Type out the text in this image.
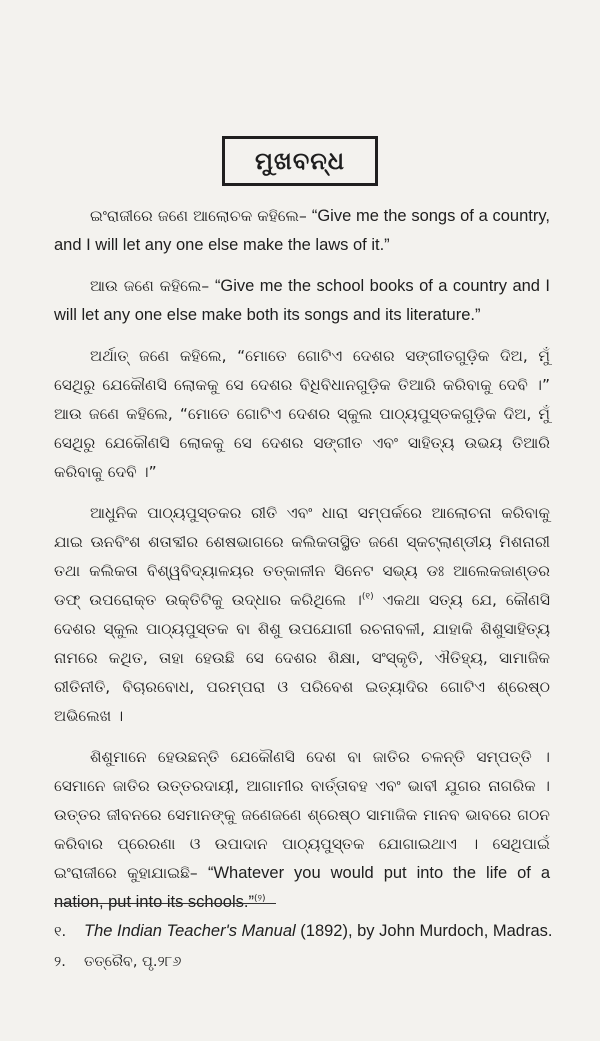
ମୁଖବନ୍ଧ

ଇଂରାଜୀରେ ଜଣେ ଆଲୋଚକ କହିଲେ– “Give me the songs of a country, and I will let any one else make the laws of it.”

ଆଉ ଜଣେ କହିଲେ– “Give me the school books of a country and I will let any one else make both its songs and its literature.”

ଅର୍ଥାତ୍ ଜଣେ କହିଲେ, “ମୋତେ ଗୋଟିଏ ଦେଶର ସଙ୍ଗୀତଗୁଡ଼ିକ ଦିଅ, ମୁଁ ସେଥିରୁ ଯେକୌଣସି ଲୋକକୁ ସେ ଦେଶର ବିଧିବିଧାନଗୁଡ଼ିକ ତିଆରି କରିବାକୁ ଦେବି ।” ଆଉ ଜଣେ କହିଲେ, “ମୋତେ ଗୋଟିଏ ଦେଶର ସ୍କୁଲ ପାଠ୍ୟପୁସ୍ତକଗୁଡ଼ିକ ଦିଅ, ମୁଁ ସେଥିରୁ ଯେକୌଣସି ଲୋକକୁ ସେ ଦେଶର ସଙ୍ଗୀତ ଏବଂ ସାହିତ୍ୟ ଉଭୟ ତିଆରି କରିବାକୁ ଦେବି ।”

ଆଧୁନିକ ପାଠ୍ୟପୁସ୍ତକର ରୀତି ଏବଂ ଧାରା ସମ୍ପର୍କରେ ଆଲୋଚନା କରିବାକୁ ଯାଇ ଊନବିଂଶ ଶତାବ୍ଦୀର ଶେଷଭାଗରେ କଲିକତାସ୍ଥିତ ଜଣେ ସ୍କଟ୍‌ଲାଣ୍ଡୀୟ ମିଶନାରୀ ତଥା କଲିକତା ବିଶ୍ୱବିଦ୍ୟାଳୟର ତତ୍କାଳୀନ ସିନେଟ ସଭ୍ୟ ଡଃ ଆଲେକଜାଣ୍ଡର ଡଫ୍ ଉପରୋକ୍ତ ଉକ୍ତିଟିକୁ ଉଦ୍ଧାର କରିଥିଲେ ।$^{(୧)}$ ଏକଥା ସତ୍ୟ ଯେ, କୌଣସି ଦେଶର ସ୍କୁଲ ପାଠ୍ୟପୁସ୍ତକ ବା ଶିଶୁ ଉପଯୋଗୀ ରଚନାବଳୀ, ଯାହାକି ଶିଶୁସାହିତ୍ୟ ନାମରେ କଥିତ, ତାହା ହେଉଛି ସେ ଦେଶର ଶିକ୍ଷା, ସଂସ୍କୃତି, ଐତିହ୍ୟ, ସାମାଜିକ ରୀତିନୀତି, ବିଚାରବୋଧ, ପରମ୍ପରା ଓ ପରିବେଶ ଇତ୍ୟାଦିର ଗୋଟିଏ ଶ୍ରେଷ୍ଠ ଅଭିଲେଖ ।

ଶିଶୁମାନେ ହେଉଛନ୍ତି ଯେକୌଣସି ଦେଶ ବା ଜାତିର ଚଳନ୍ତି ସମ୍ପତ୍ତି । ସେମାନେ ଜାତିର ଉତ୍ତରଦାୟୀ, ଆଗାମୀର ବାର୍ତ୍ତାବହ ଏବଂ ଭାବୀ ଯୁଗର ନାଗରିକ । ଉତ୍ତର ଜୀବନରେ ସେମାନଙ୍କୁ ଜଣେଜଣେ ଶ୍ରେଷ୍ଠ ସାମାଜିକ ମାନବ ଭାବରେ ଗଠନ କରିବାର ପ୍ରେରଣା ଓ ଉପାଦାନ ପାଠ୍ୟପୁସ୍ତକ ଯୋଗାଇଥାଏ । ସେଥିପାଇଁ ଇଂରାଜୀରେ କୁହାଯାଇଛି– “Whatever you would put into the life of a nation, put into its schools.”$^{(୨)}$

୧. The Indian Teacher's Manual (1892), by John Murdoch, Madras.
୨. ତତ୍ରୈବ, ପୃ.୨୮୬
